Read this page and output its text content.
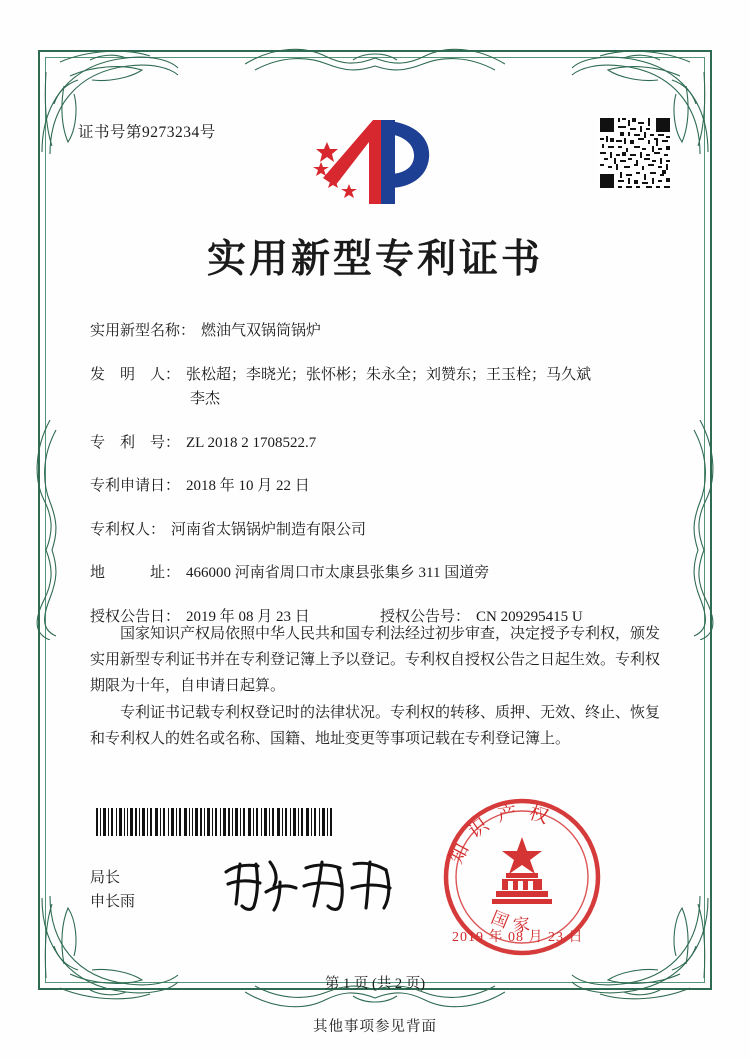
证书号第9273234号
实用新型专利证书
实用新型名称： 燃油气双锅筒锅炉
发　明　人： 张松超；李晓光；张怀彬；朱永全；刘赞东；王玉栓；马久斌
李杰
专　利　号： ZL 2018 2 1708522.7
专利申请日： 2018 年 10 月 22 日
专利权人： 河南省太锅锅炉制造有限公司
地　　　址： 466000 河南省周口市太康县张集乡 311 国道旁
授权公告日： 2019 年 08 月 23 日	授权公告号： CN 209295415 U

国家知识产权局依照中华人民共和国专利法经过初步审查，决定授予专利权，颁发实用新型专利证书并在专利登记簿上予以登记。专利权自授权公告之日起生效。专利权期限为十年，自申请日起算。

专利证书记载专利权登记时的法律状况。专利权的转移、质押、无效、终止、恢复和专利权人的姓名或名称、国籍、地址变更等事项记载在专利登记簿上。

局长
申长雨
知识产权
国家
2019 年 08 月 23 日
第 1 页 (共 2 页)
其他事项参见背面
